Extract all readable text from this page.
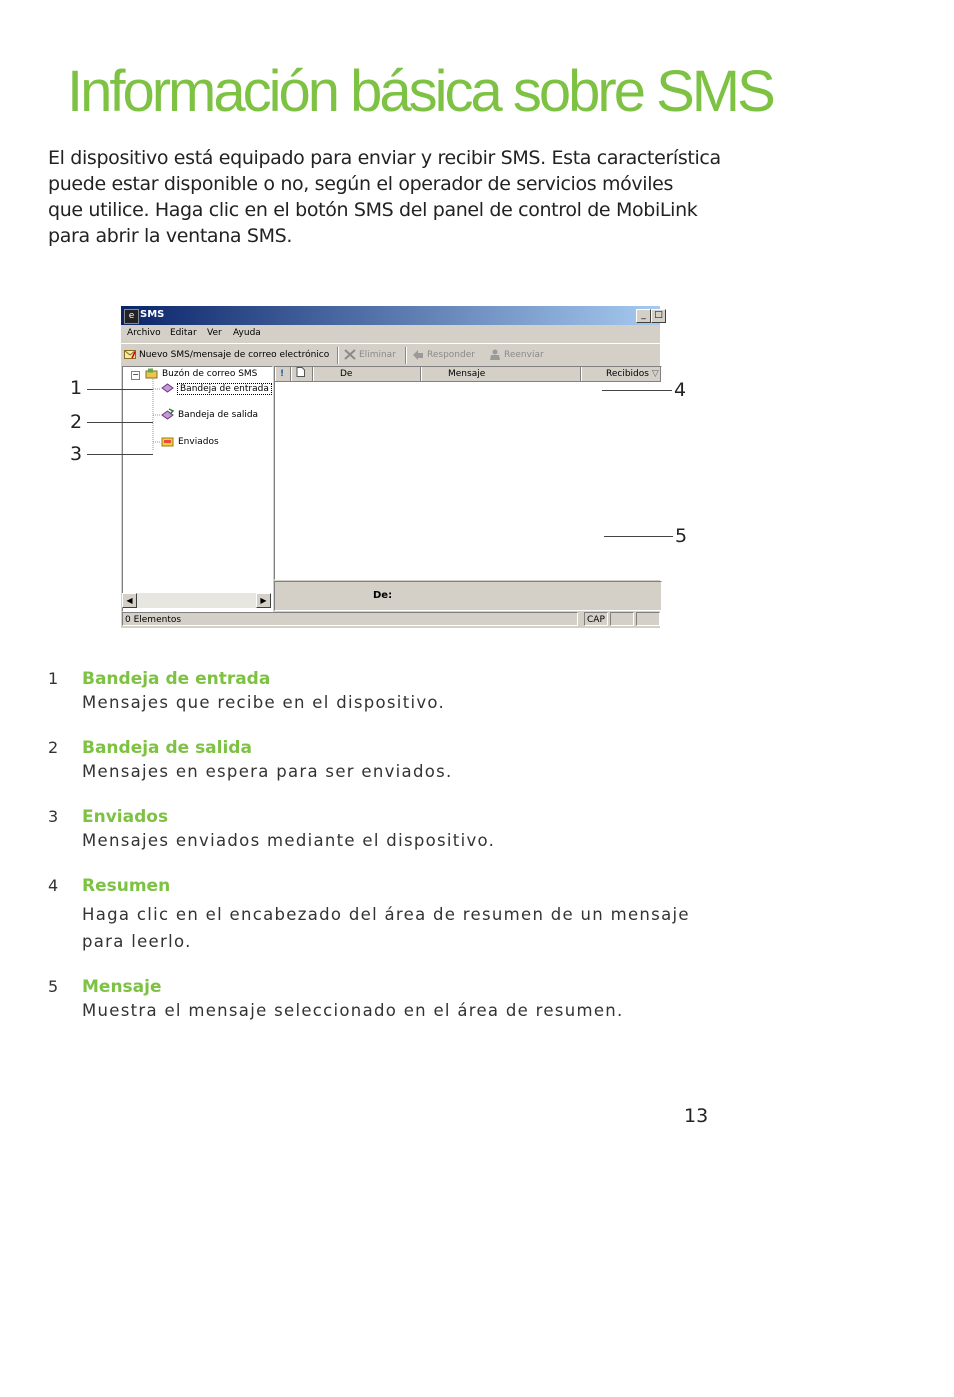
Información básica sobre SMS
El dispositivo está equipado para enviar y recibir SMS. Esta característica
puede estar disponible o no, según el operador de servicios móviles
que utilice. Haga clic en el botón SMS del panel de control de MobiLink
para abrir la ventana SMS.
e SMS	_ □
Archivo Editar Ver Ayuda
Nuevo SMS/mensaje de correo electrónico	Eliminar	Responder	Reenviar
−	Buzón de correo SMS
Bandeja de entrada
Bandeja de salida
Enviados
◀	▶
!	De	Mensaje	Recibidos ▽
De:
0 Elementos	CAP
1
2
3
4
5
1 Bandeja de entrada
Mensajes que recibe en el dispositivo.
2 Bandeja de salida
Mensajes en espera para ser enviados.
3 Enviados
Mensajes enviados mediante el dispositivo.
4 Resumen
Haga clic en el encabezado del área de resumen de un mensaje
para leerlo.
5 Mensaje
Muestra el mensaje seleccionado en el área de resumen.
13
